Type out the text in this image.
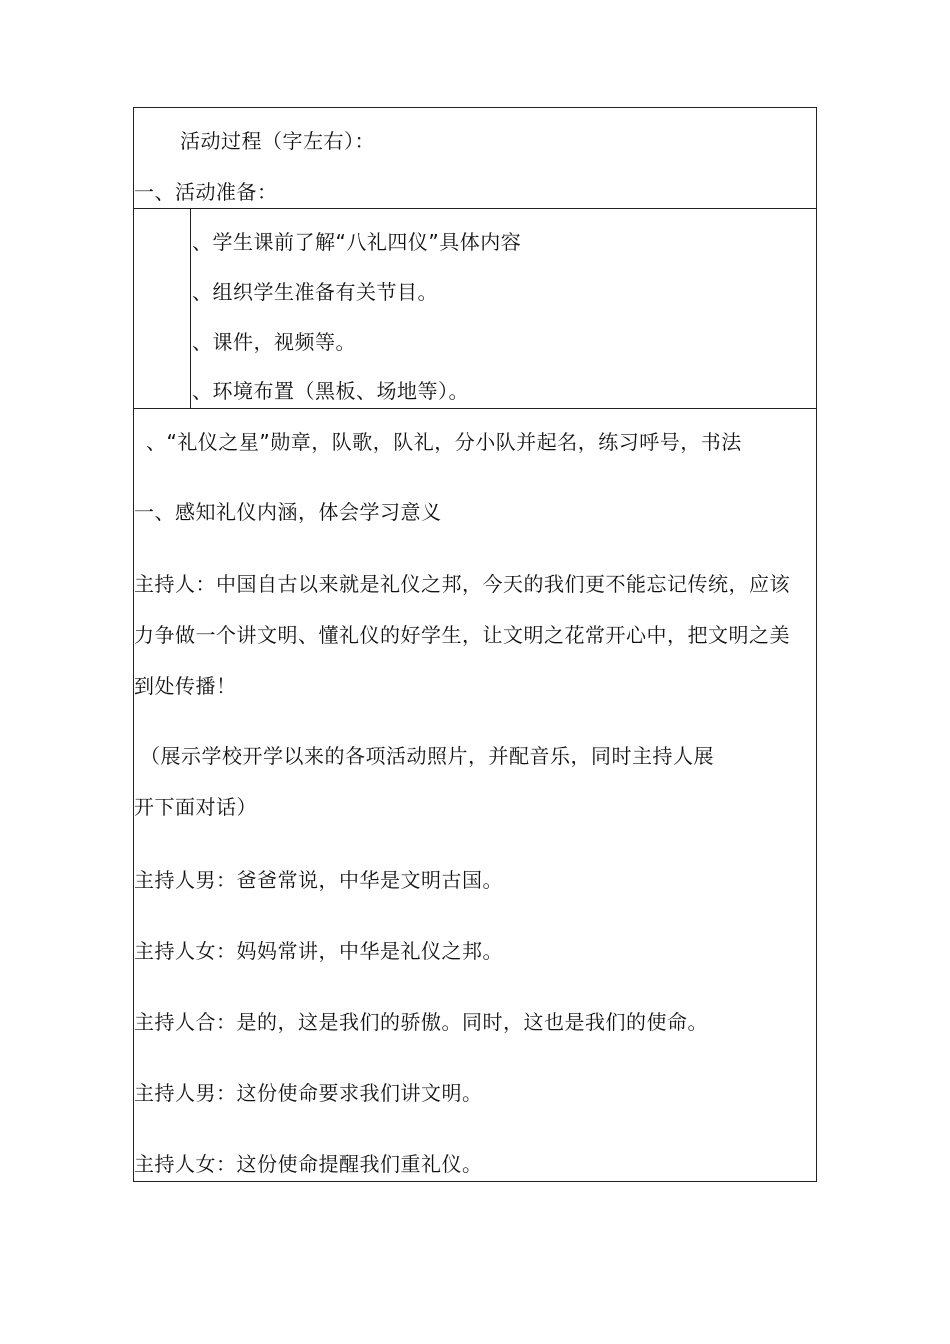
活动过程（字左右）：
一、活动准备：
、学生课前了解“八礼四仪”具体内容
、组织学生准备有关节目。
、课件，视频等。
、环境布置（黑板、场地等）。
、“礼仪之星”勋章，队歌，队礼，分小队并起名，练习呼号，书法
一、感知礼仪内涵，体会学习意义
主持人：中国自古以来就是礼仪之邦，今天的我们更不能忘记传统，应该
力争做一个讲文明、懂礼仪的好学生，让文明之花常开心中，把文明之美
到处传播！
（展示学校开学以来的各项活动照片，并配音乐，同时主持人展
开下面对话）
主持人男：爸爸常说，中华是文明古国。
主持人女：妈妈常讲，中华是礼仪之邦。
主持人合：是的，这是我们的骄傲。同时，这也是我们的使命。
主持人男：这份使命要求我们讲文明。
主持人女：这份使命提醒我们重礼仪。
